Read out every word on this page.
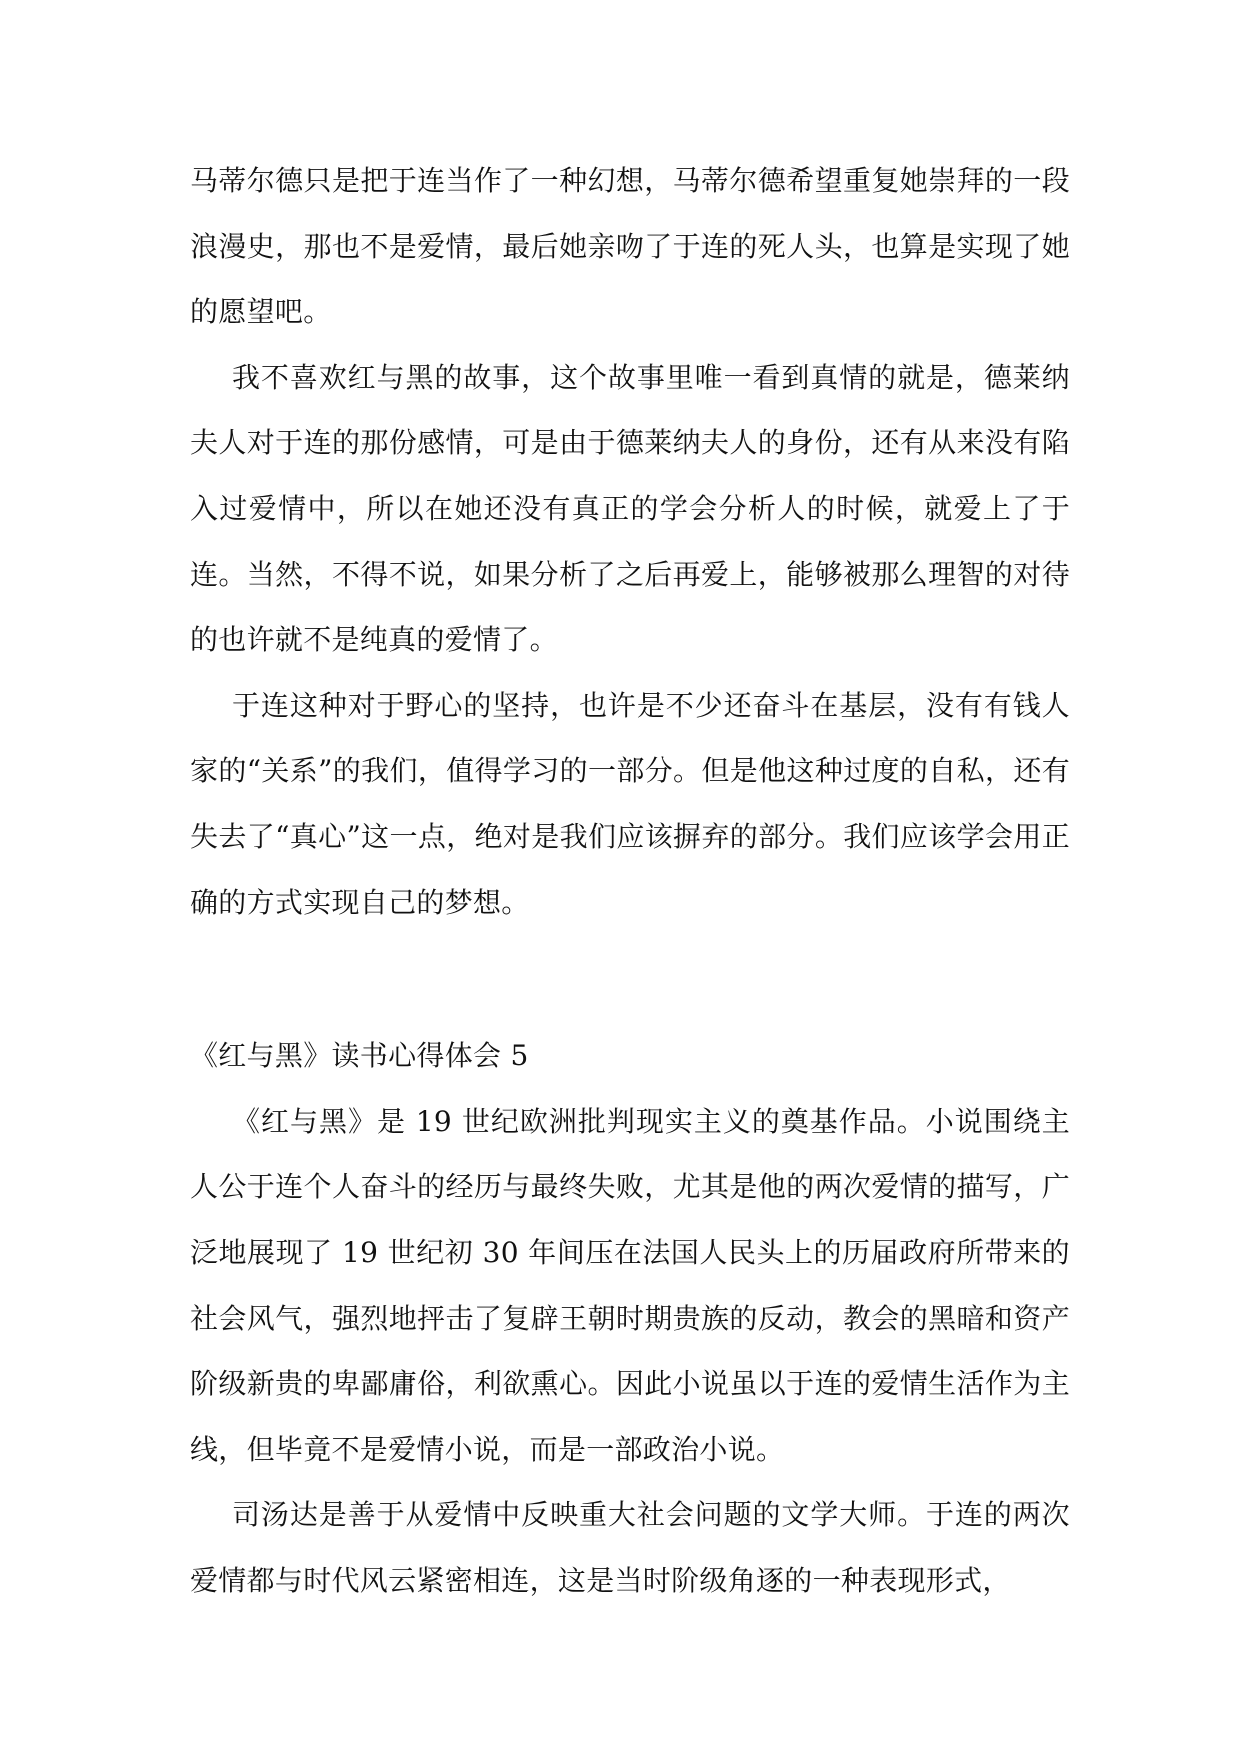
马蒂尔德只是把于连当作了一种幻想，马蒂尔德希望重复她崇拜的一段浪漫史，那也不是爱情，最后她亲吻了于连的死人头，也算是实现了她的愿望吧。

我不喜欢红与黑的故事，这个故事里唯一看到真情的就是，德莱纳夫人对于连的那份感情，可是由于德莱纳夫人的身份，还有从来没有陷入过爱情中，所以在她还没有真正的学会分析人的时候，就爱上了于连。当然，不得不说，如果分析了之后再爱上，能够被那么理智的对待的也许就不是纯真的爱情了。

于连这种对于野心的坚持，也许是不少还奋斗在基层，没有有钱人家的“关系”的我们，值得学习的一部分。但是他这种过度的自私，还有失去了“真心”这一点，绝对是我们应该摒弃的部分。我们应该学会用正确的方式实现自己的梦想。

《红与黑》读书心得体会 5

《红与黑》是 19 世纪欧洲批判现实主义的奠基作品。小说围绕主人公于连个人奋斗的经历与最终失败，尤其是他的两次爱情的描写，广泛地展现了 19 世纪初 30 年间压在法国人民头上的历届政府所带来的社会风气，强烈地抨击了复辟王朝时期贵族的反动，教会的黑暗和资产阶级新贵的卑鄙庸俗，利欲熏心。因此小说虽以于连的爱情生活作为主线，但毕竟不是爱情小说，而是一部政治小说。

司汤达是善于从爱情中反映重大社会问题的文学大师。于连的两次爱情都与时代风云紧密相连，这是当时阶级角逐的一种表现形式，
